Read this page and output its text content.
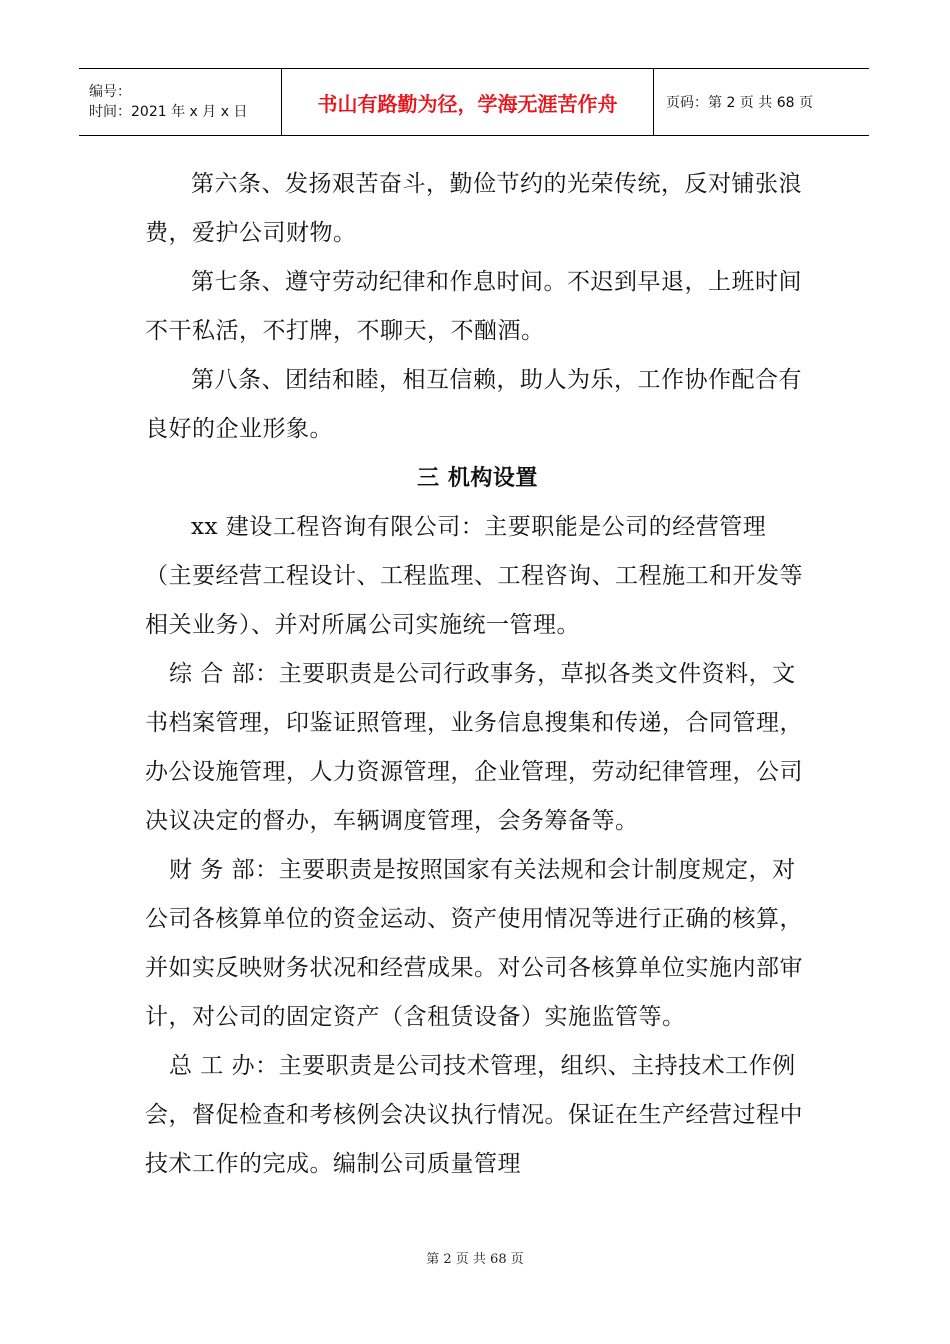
编号：
时间：2021 年 x 月 x 日	书山有路勤为径，学海无涯苦作舟	页码：第 2 页 共 68 页

第六条、发扬艰苦奋斗，勤俭节约的光荣传统，反对铺张浪费，爱护公司财物。

第七条、遵守劳动纪律和作息时间。不迟到早退，上班时间不干私活，不打牌，不聊天，不酗酒。

第八条、团结和睦，相互信赖，助人为乐，工作协作配合有良好的企业形象。

三 机构设置

xx 建设工程咨询有限公司：主要职能是公司的经营管理（主要经营工程设计、工程监理、工程咨询、工程施工和开发等相关业务）、并对所属公司实施统一管理。

综 合 部：主要职责是公司行政事务，草拟各类文件资料，文书档案管理，印鉴证照管理，业务信息搜集和传递，合同管理，办公设施管理，人力资源管理，企业管理，劳动纪律管理，公司决议决定的督办，车辆调度管理，会务筹备等。

财 务 部：主要职责是按照国家有关法规和会计制度规定，对公司各核算单位的资金运动、资产使用情况等进行正确的核算，并如实反映财务状况和经营成果。对公司各核算单位实施内部审计，对公司的固定资产（含租赁设备）实施监管等。

总 工 办：主要职责是公司技术管理，组织、主持技术工作例会，督促检查和考核例会决议执行情况。保证在生产经营过程中技术工作的完成。编制公司质量管理

第 2 页 共 68 页
